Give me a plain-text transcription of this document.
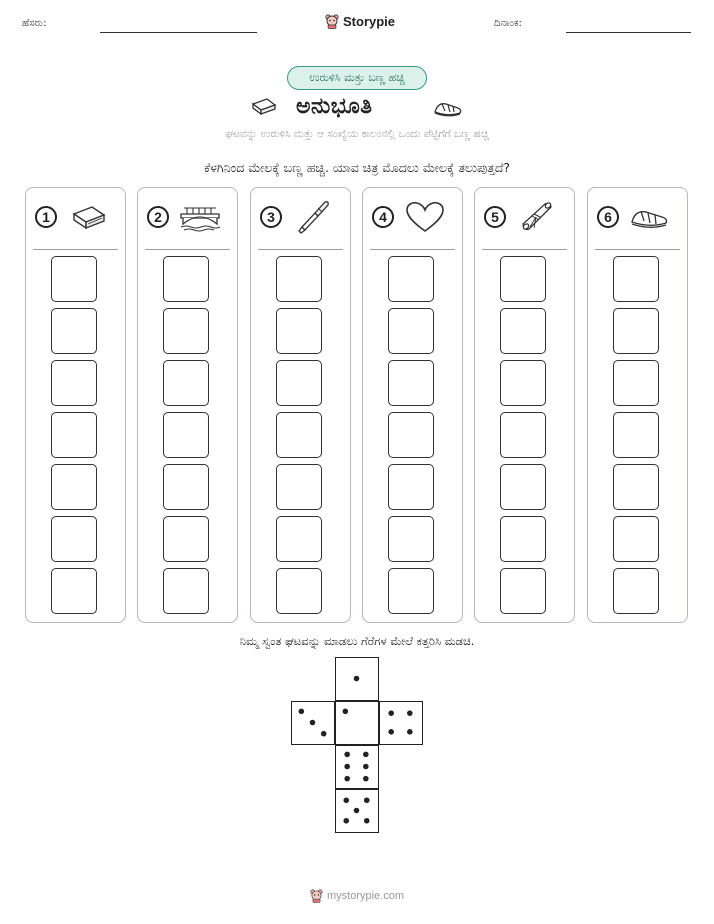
ಹೆಸರು:	Storypie	ದಿನಾಂಕ:
ಉರುಳಿಸಿ ಮತ್ತು ಬಣ್ಣ ಹಚ್ಚಿ
ಅನುಭೂತಿ
ಘಟವನ್ನು ಉರುಳಿಸಿ ಮತ್ತು ಆ ಸಂಖ್ಯೆಯ ಕಾಲಂನಲ್ಲಿ ಒಂದು ಪೆಟ್ಟಿಗೆಗೆ ಬಣ್ಣ ಹಚ್ಚಿ
ಕೆಳಗಿನಿಂದ ಮೇಲಕ್ಕೆ ಬಣ್ಣ ಹಚ್ಚಿ. ಯಾವ ಚಿತ್ರ ಮೊದಲು ಮೇಲಕ್ಕೆ ತಲುಪುತ್ತದೆ?
1	2	3	4	5	6
ನಿಮ್ಮ ಸ್ವಂತ ಘಟವನ್ನು ಮಾಡಲು ಗೆರೆಗಳ ಮೇಲೆ ಕತ್ತರಿಸಿ ಮಡಚಿ.
mystorypie.com
